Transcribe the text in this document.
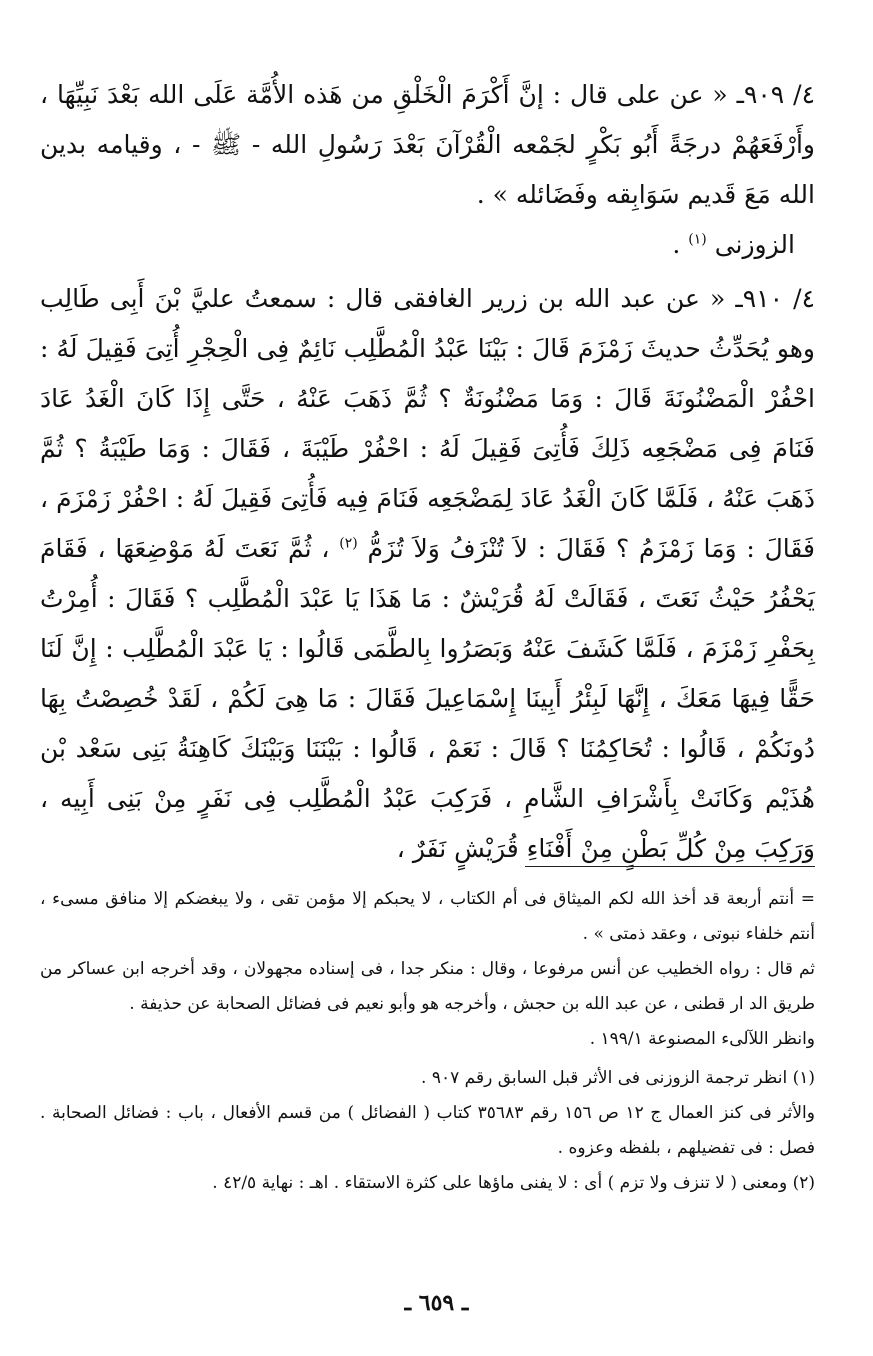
٤/ ٩٠٩ـ « عن على قال : إنَّ أَكْرَمَ الْخَلْقِ من هَذه الأُمَّة عَلَى الله بَعْدَ نَبِيِّهَا ، وأَرْفَعَهُمْ درجَةً أَبُو بَكْرٍ لجَمْعه الْقُرْآنَ بَعْدَ رَسُولِ الله - ﷺ - ، وقيامه بدين الله مَعَ قَديم سَوَابِقه وفَضَائله » .

الزوزنى $^{(١)}$ .

٤/ ٩١٠ـ « عن عبد الله بن زرير الغافقى قال : سمعتُ عليَّ بْنَ أَبِى طَالِب وهو يُحَدِّثُ حديثَ زَمْزَمَ قَالَ : بَيْنَا عَبْدُ الْمُطَّلِب نَائِمٌ فِى الْحِجْرِ أُتِىَ فَقِيلَ لَهُ : احْفُرْ الْمَضْنُونَةَ قَالَ : وَمَا مَضْنُونَةٌ ؟ ثُمَّ ذَهَبَ عَنْهُ ، حَتَّى إِذَا كَانَ الْغَدُ عَادَ فَنَامَ فِى مَضْجَعِه ذَلِكَ فَأُتِىَ فَقِيلَ لَهُ : احْفُرْ طَيْبَةَ ، فَقَالَ : وَمَا طَيْبَةُ ؟ ثُمَّ ذَهَبَ عَنْهُ ، فَلَمَّا كَانَ الْغَدُ عَادَ لِمَضْجَعِه فَنَامَ فِيه فَأُتِىَ فَقِيلَ لَهُ : احْفُرْ زَمْزَمَ ، فَقَالَ : وَمَا زَمْزَمُ ؟ فَقَالَ : لاَ تُنْزَفُ وَلاَ تُزَمُّ $^{(٢)}$ ، ثُمَّ نَعَتَ لَهُ مَوْضِعَهَا ، فَقَامَ يَحْفُرُ حَيْثُ نَعَتَ ، فَقَالَتْ لَهُ قُرَيْشٌ : مَا هَذَا يَا عَبْدَ الْمُطَّلِب ؟ فَقَالَ : أُمِرْتُ بِحَفْرِ زَمْزَمَ ، فَلَمَّا كَشَفَ عَنْهُ وَبَصَرُوا بِالطَّمَى قَالُوا : يَا عَبْدَ الْمُطَّلِب : إِنَّ لَنَا حَقًّا فِيهَا مَعَكَ ، إِنَّهَا لَبِئْرُ أَبِينَا إِسْمَاعِيلَ فَقَالَ : مَا هِىَ لَكُمْ ، لَقَدْ خُصِصْتُ بِهَا دُونَكُمْ ، قَالُوا : تُحَاكِمُنَا ؟ قَالَ : نَعَمْ ، قَالُوا : بَيْنَنَا وَبَيْنَكَ كَاهِنَةُ بَنِى سَعْد بْن هُذَيْم وَكَانَتْ بِأَشْرَافِ الشَّامِ ، فَرَكِبَ عَبْدُ الْمُطَّلِب فِى نَفَرٍ مِنْ بَنِى أَبِيه ، وَرَكِبَ مِنْ كُلِّ بَطْنٍ مِنْ أَفْنَاءِ قُرَيْشٍ نَفَرٌ ،

= أنتم أربعة قد أخذ الله لكم الميثاق فى أم الكتاب ، لا يحبكم إلا مؤمن تقى ، ولا يبغضكم إلا منافق مسىء ، أنتم خلفاء نبوتى ، وعقد ذمتى » .

ثم قال : رواه الخطيب عن أنس مرفوعا ، وقال : منكر جدا ، فى إسناده مجهولان ، وقد أخرجه ابن عساكر من طريق الد ار قطنى ، عن عبد الله بن حجش ، وأخرجه هو وأبو نعيم فى فضائل الصحابة عن حذيفة .

وانظر اللآلىء المصنوعة ١٩٩/١ .

(١) انظر ترجمة الزوزنى فى الأثر قبل السابق رقم ٩٠٧ .

والأثر فى كنز العمال ج ١٢ ص ١٥٦ رقم ٣٥٦٨٣ كتاب ( الفضائل ) من قسم الأفعال ، باب : فضائل الصحابة . فصل : فى تفضيلهم ، بلفظه وعزوه .

(٢) ومعنى ( لا تنزف ولا تزم ) أى : لا يفنى ماؤها على كثرة الاستقاء . اهـ : نهاية ٤٢/٥ .

ـ ٦٥٩ ـ
